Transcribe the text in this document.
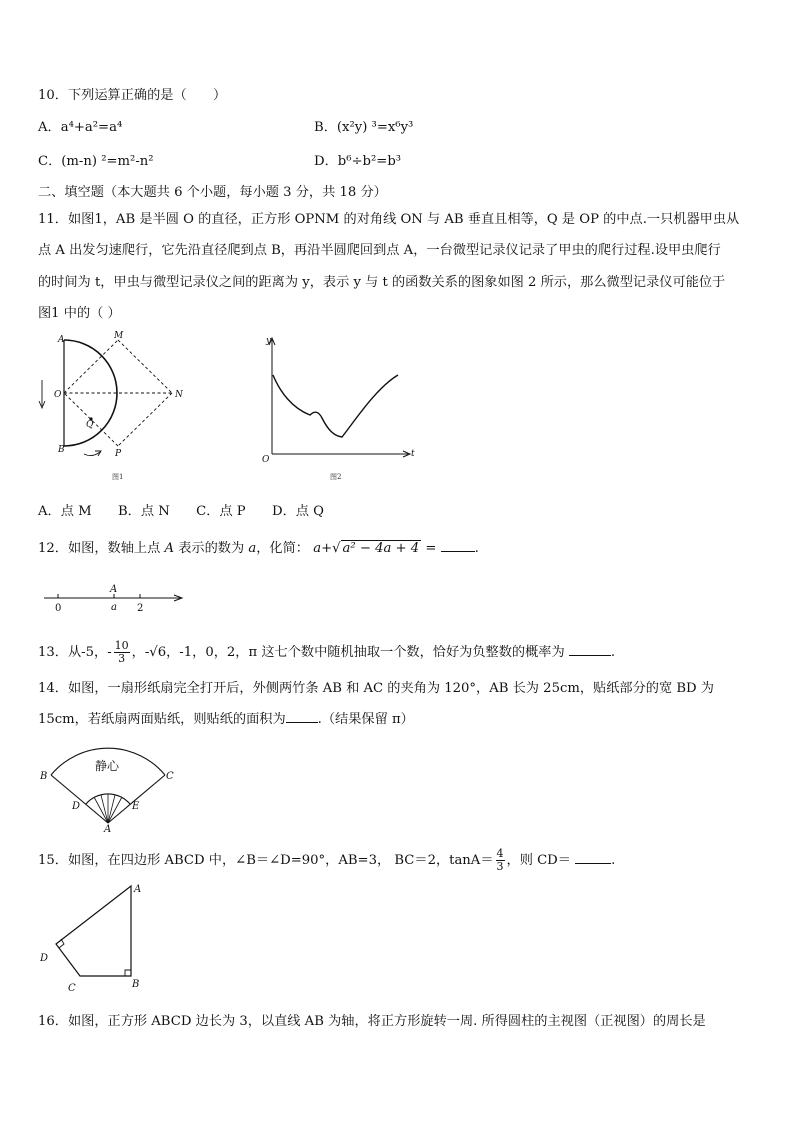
10．下列运算正确的是（　　）
A．a⁴+a²=a⁴	B．(x²y) ³=x⁶y³
C．(m-n) ²=m²-n²	D．b⁶÷b²=b³
二、填空题（本大题共 6 个小题，每小题 3 分，共 18 分）
11．如图1，AB 是半圆 O 的直径，正方形 OPNM 的对角线 ON 与 AB 垂直且相等，Q 是 OP 的中点.一只机器甲虫从
点 A 出发匀速爬行，它先沿直径爬到点 B，再沿半圆爬回到点 A，一台微型记录仪记录了甲虫的爬行过程.设甲虫爬行
的时间为 t，甲虫与微型记录仪之间的距离为 y，表示 y 与 t 的函数关系的图象如图 2 所示，那么微型记录仪可能位于
图1 中的（ ）
A	M
O	N
Q
B	P
图1
y
t
O
图2
A．点 M　　B．点 N　　C．点 P　　D．点 Q
12．如图，数轴上点 A 表示的数为 a，化简： a+√ a² − 4a + 4 =	.
0
A
a 2
13．从-5，- $\frac{10}{3}$ ，-√6，-1，0，2，π 这七个数中随机抽取一个数，恰好为负整数的概率为	.
14．如图，一扇形纸扇完全打开后，外侧两竹条 AB 和 AC 的夹角为 120°，AB 长为 25cm，贴纸部分的宽 BD 为
15cm，若纸扇两面贴纸，则贴纸的面积为 .（结果保留 π）
静心
B	C
D	E
A
15．如图，在四边形 ABCD 中，∠B＝∠D=90°，AB=3， BC＝2，$\tan A= \frac{4}{3}$ ，则 CD＝	.
A
B
C
D
16．如图，正方形 ABCD 边长为 3，以直线 AB 为轴，将正方形旋转一周. 所得圆柱的主视图（正视图）的周长是
